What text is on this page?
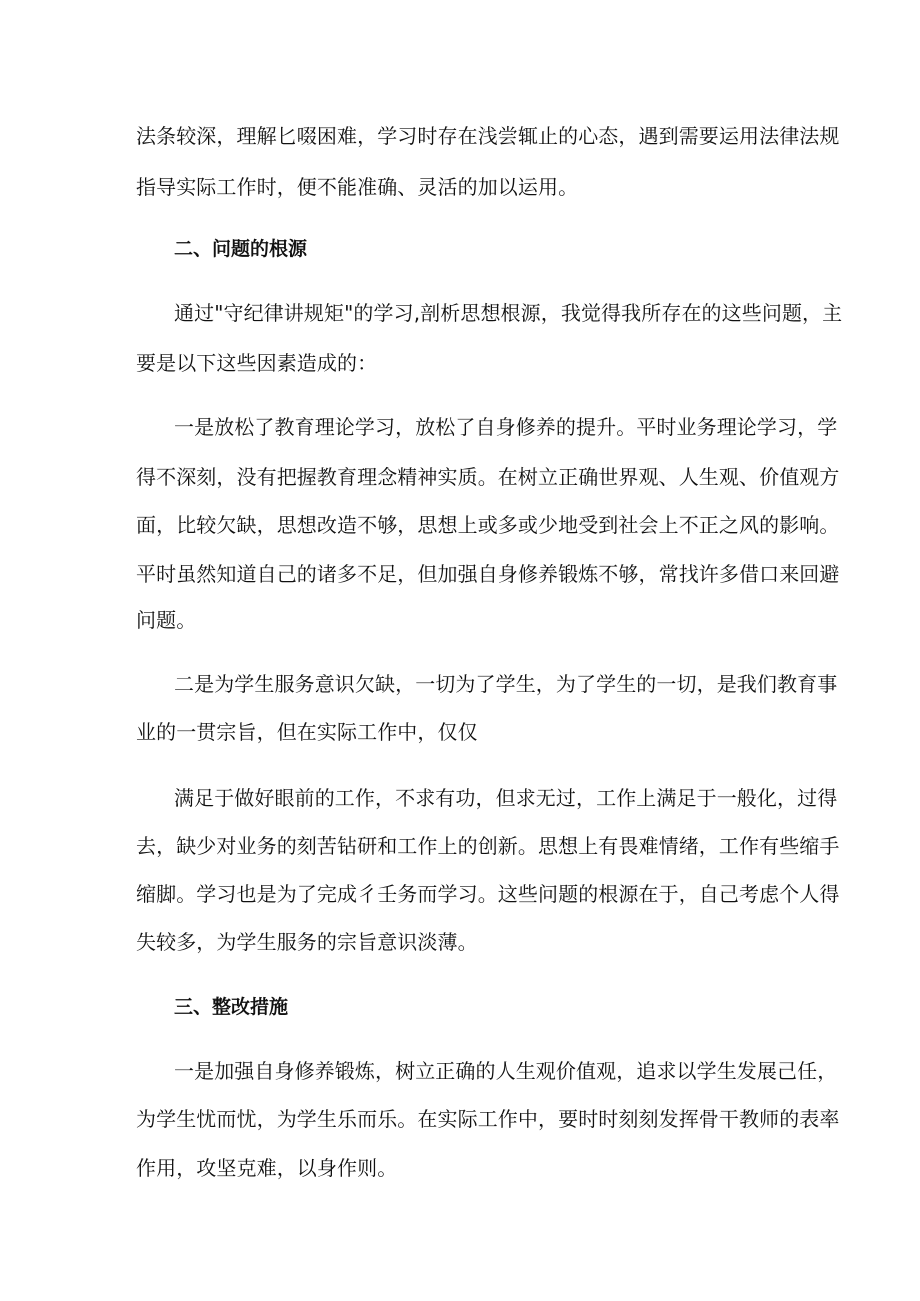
法条较深，理解匕啜困难，学习时存在浅尝辄止的心态，遇到需要运用法律法规
指导实际工作时，便不能准确、灵活的加以运用。
二、问题的根源
通过"守纪律讲规矩"的学习,剖析思想根源，我觉得我所存在的这些问题，主
要是以下这些因素造成的：
一是放松了教育理论学习，放松了自身修养的提升。平时业务理论学习，学
得不深刻，没有把握教育理念精神实质。在树立正确世界观、人生观、价值观方
面，比较欠缺，思想改造不够，思想上或多或少地受到社会上不正之风的影响。
平时虽然知道自己的诸多不足，但加强自身修养锻炼不够，常找许多借口来回避
问题。
二是为学生服务意识欠缺，一切为了学生，为了学生的一切，是我们教育事
业的一贯宗旨，但在实际工作中，仅仅
满足于做好眼前的工作，不求有功，但求无过，工作上满足于一般化，过得
去，缺少对业务的刻苦钻研和工作上的创新。思想上有畏难情绪，工作有些缩手
缩脚。学习也是为了完成彳壬务而学习。这些问题的根源在于，自己考虑个人得
失较多，为学生服务的宗旨意识淡薄。
三、整改措施
一是加强自身修养锻炼，树立正确的人生观价值观，追求以学生发展己任，
为学生忧而忧，为学生乐而乐。在实际工作中，要时时刻刻发挥骨干教师的表率
作用，攻坚克难，以身作则。
